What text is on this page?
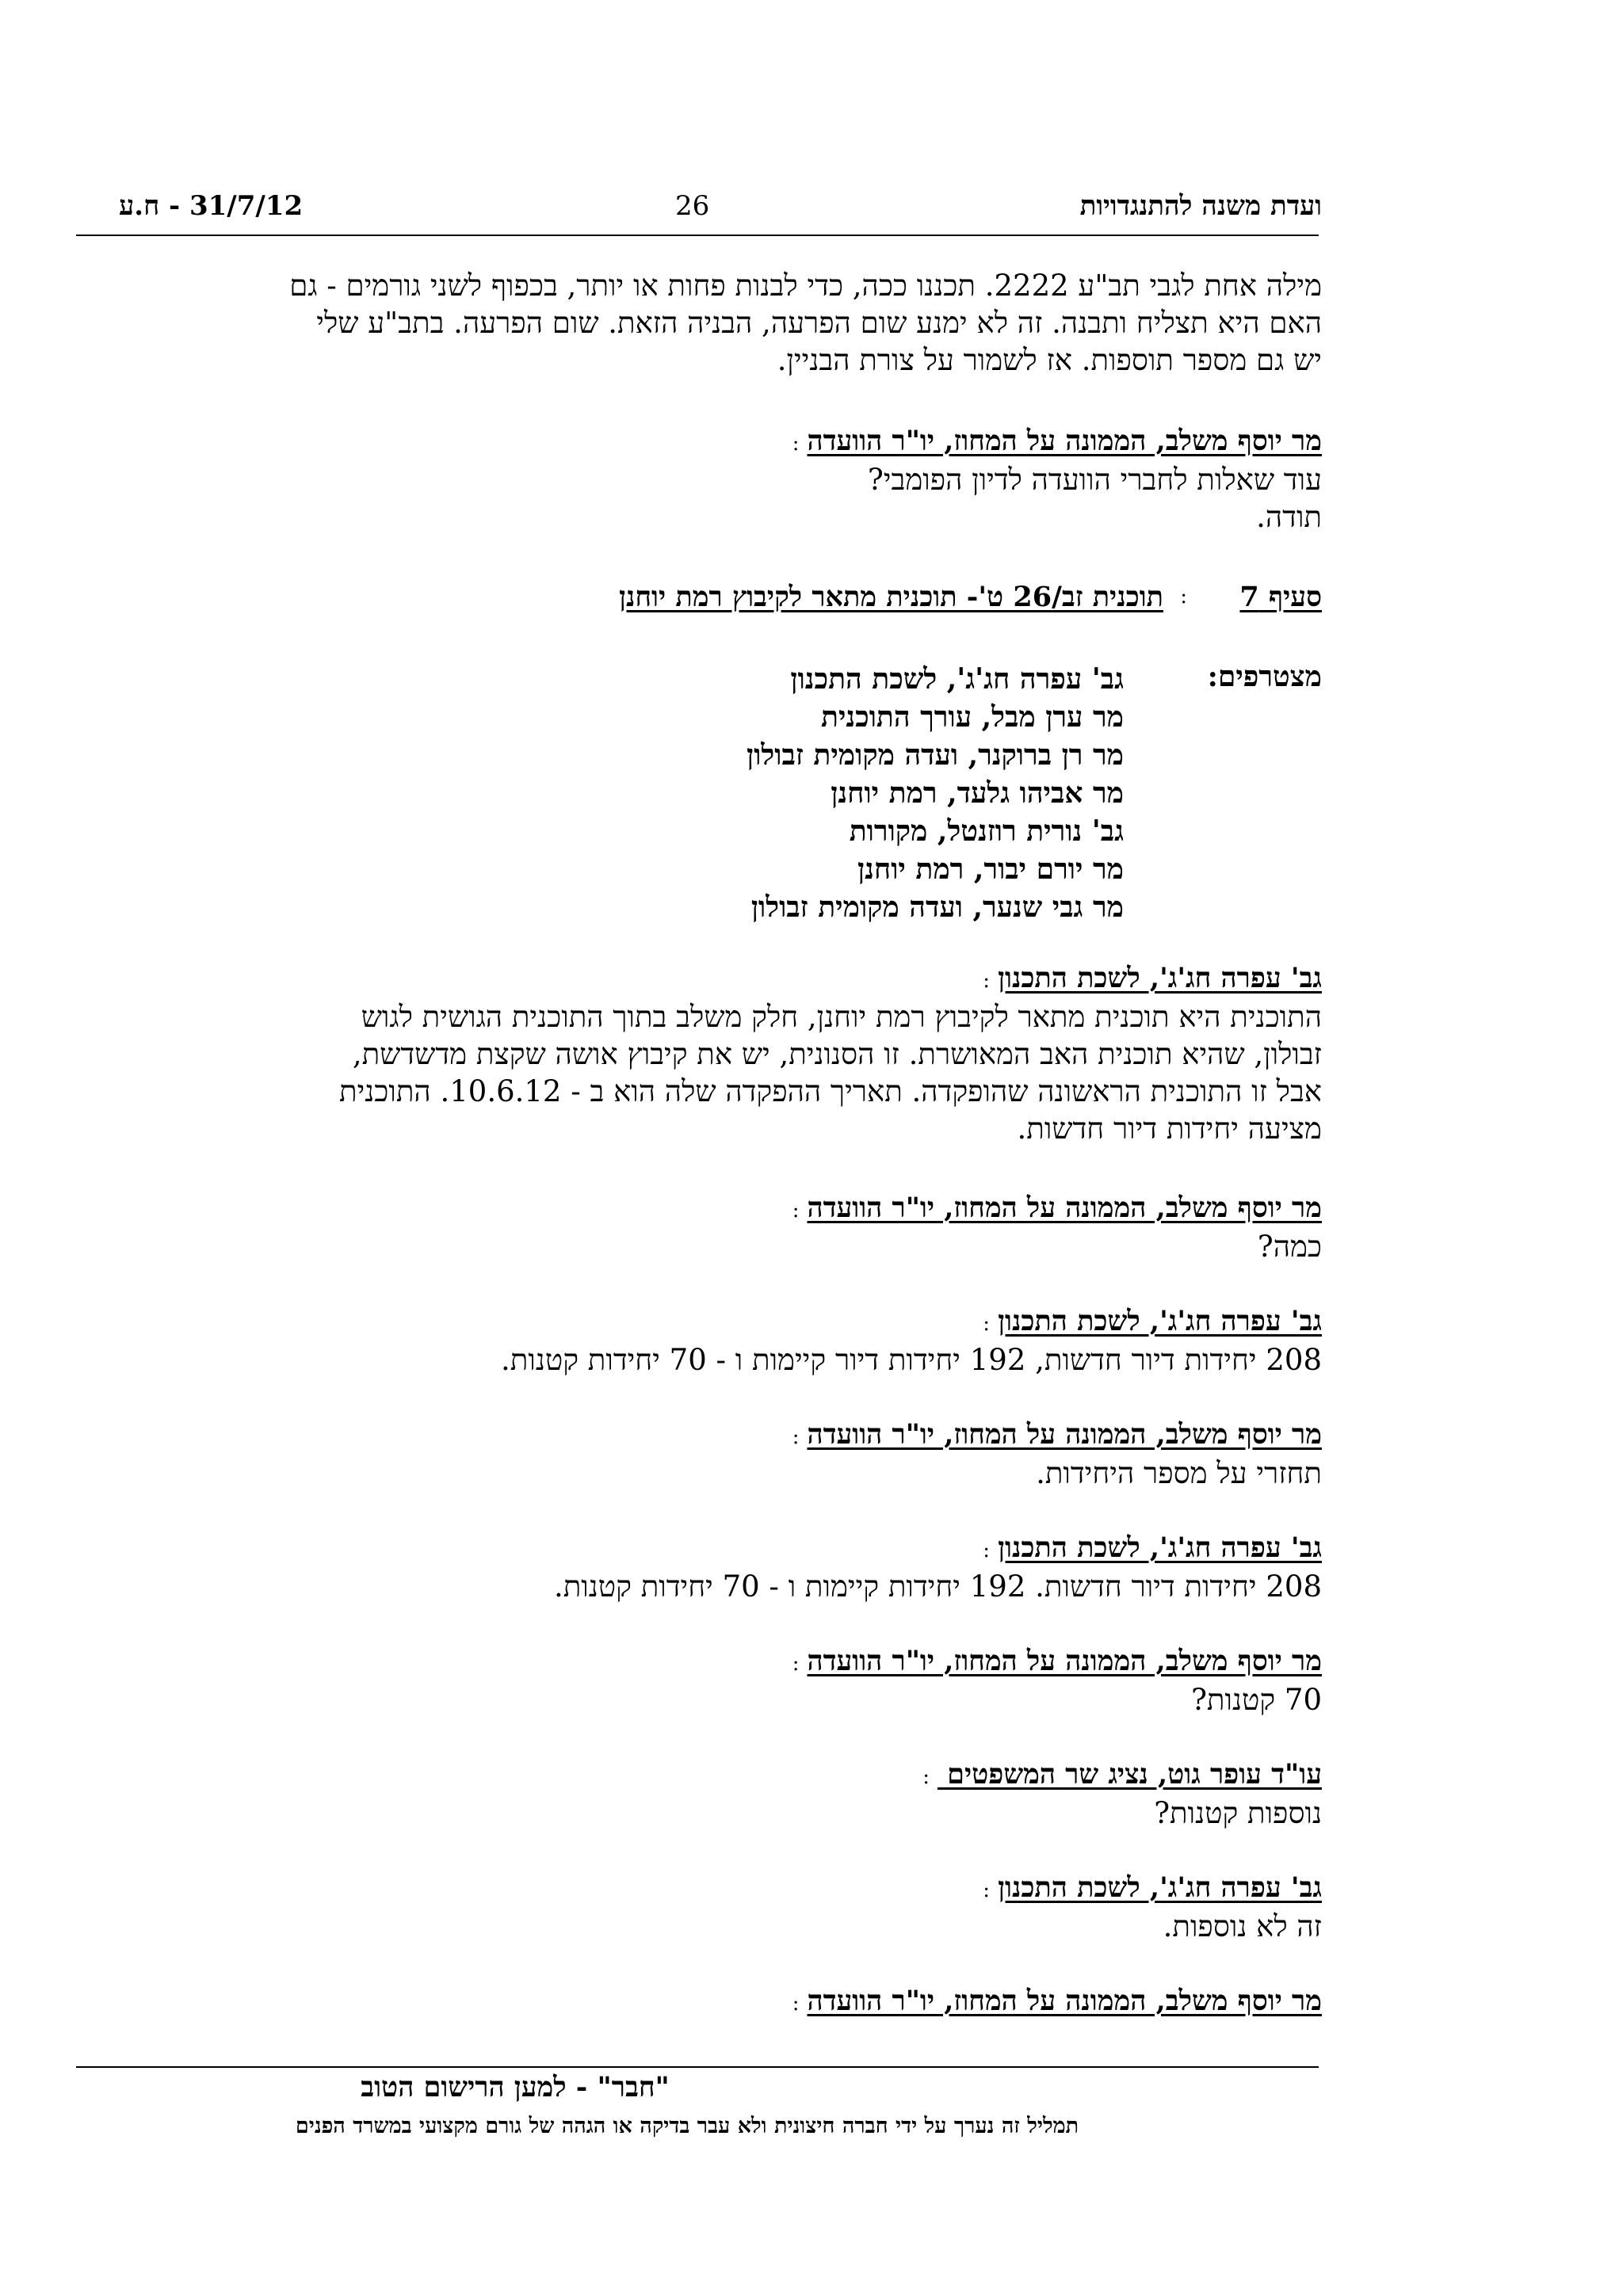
ועדת משנה להתנגדויות
26
31/7/12 - ח.ע

מילה אחת לגבי תב"ע 2222. תכננו ככה, כדי לבנות פחות או יותר, בכפוף לשני גורמים - גם

האם היא תצליח ותבנה. זה לא ימנע שום הפרעה, הבניה הזאת. שום הפרעה. בתב"ע שלי

יש גם מספר תוספות. אז לשמור על צורת הבניין.

מר יוסף משלב, הממונה על המחוז, יו"ר הוועדה:

עוד שאלות לחברי הוועדה לדיון הפומבי?

תודה.

סעיף 7
:
תוכנית זב/26 ט'- תוכנית מתאר לקיבוץ רמת יוחנן
מצטרפים:
גב' עפרה חג'ג', לשכת התכנון
מר ערן מבל, עורך התוכנית
מר רן ברוקנר, ועדה מקומית זבולון
מר אביהו גלעד, רמת יוחנן
גב' נורית רוזנטל, מקורות
מר יורם יבור, רמת יוחנן
מר גבי שנער, ועדה מקומית זבולון
גב' עפרה חג'ג', לשכת התכנון:

התוכנית היא תוכנית מתאר לקיבוץ רמת יוחנן, חלק משלב בתוך התוכנית הגושית לגוש

זבולון, שהיא תוכנית האב המאושרת. זו הסנונית, יש את קיבוץ אושה שקצת מדשדשת,

אבל זו התוכנית הראשונה שהופקדה. תאריך ההפקדה שלה הוא ב - 10.6.12. התוכנית

מציעה יחידות דיור חדשות.

מר יוסף משלב, הממונה על המחוז, יו"ר הוועדה:

כמה?

גב' עפרה חג'ג', לשכת התכנון:

208 יחידות דיור חדשות, 192 יחידות דיור קיימות ו - 70 יחידות קטנות.

מר יוסף משלב, הממונה על המחוז, יו"ר הוועדה:

תחזרי על מספר היחידות.

גב' עפרה חג'ג', לשכת התכנון:

208 יחידות דיור חדשות. 192 יחידות קיימות ו - 70 יחידות קטנות.

מר יוסף משלב, הממונה על המחוז, יו"ר הוועדה:

70 קטנות?

עו"ד עופר גוט, נציג שר המשפטים :

נוספות קטנות?

גב' עפרה חג'ג', לשכת התכנון:

זה לא נוספות.

מר יוסף משלב, הממונה על המחוז, יו"ר הוועדה:
"חבר" - למען הרישום הטוב
תמליל זה נערך על ידי חברה חיצונית ולא עבר בדיקה או הגהה של גורם מקצועי במשרד הפנים
